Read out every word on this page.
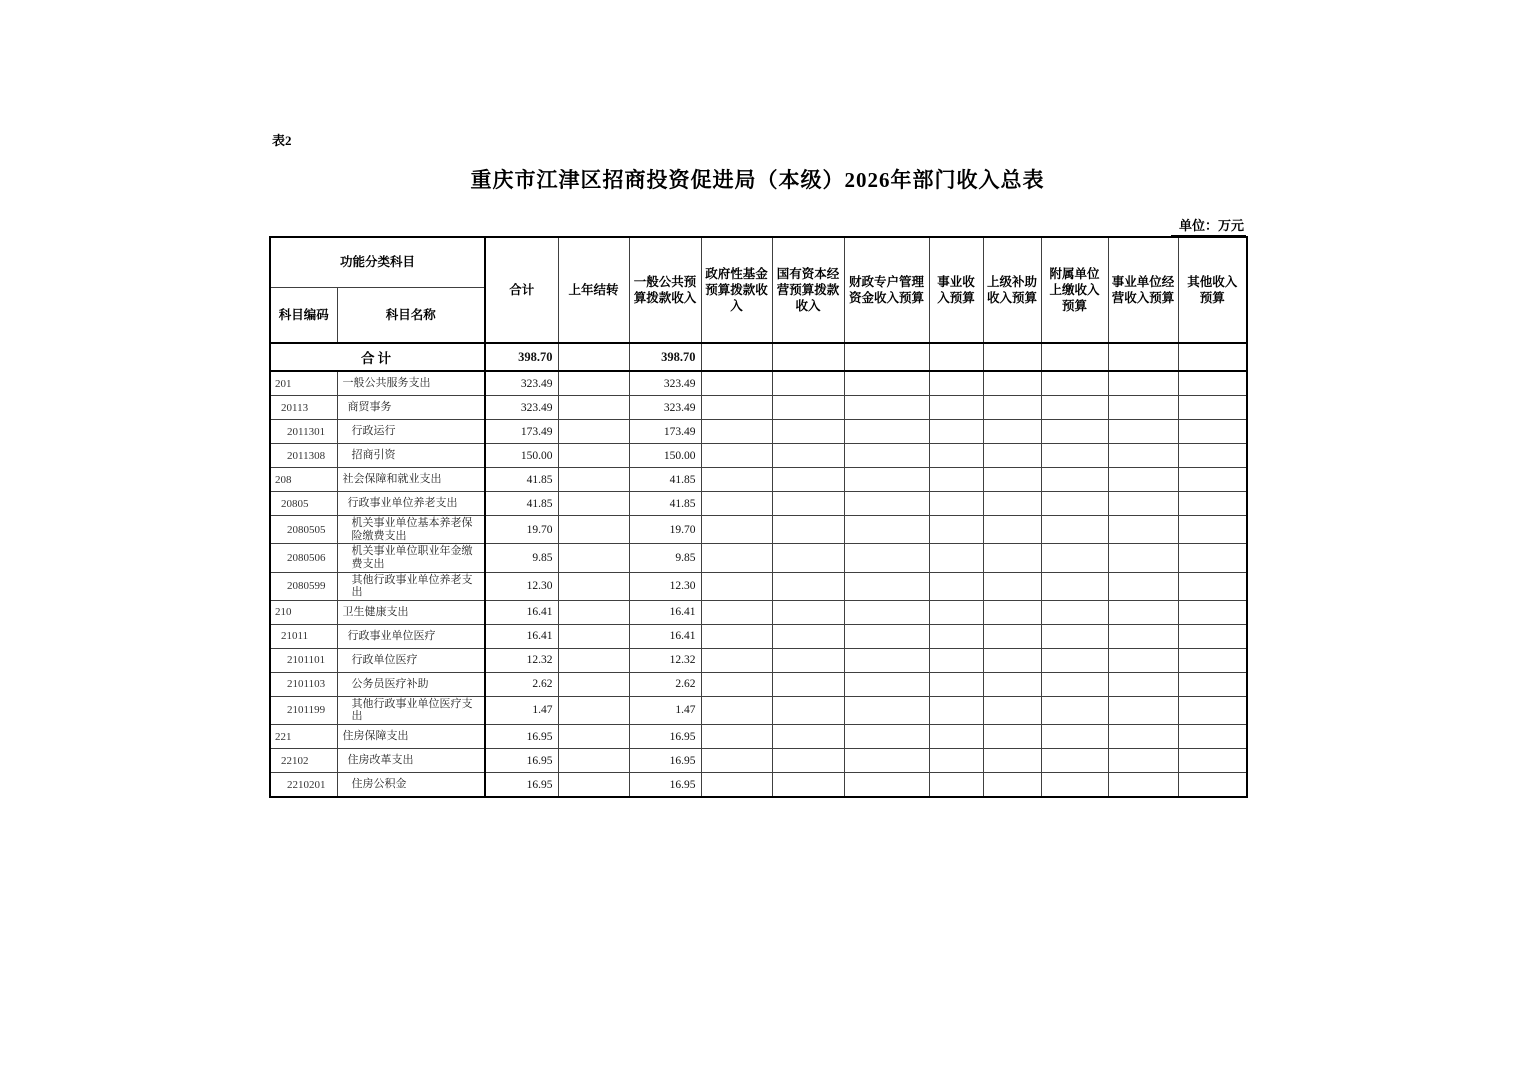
表2
重庆市江津区招商投资促进局（本级）2026年部门收入总表
单位：万元
功能分类科目		合计	上年结转	一般公共预算拨款收入	政府性基金预算拨款收入	国有资本经营预算拨款收入	财政专户管理资金收入预算	事业收入预算	上级补助收入预算	附属单位上缴收入预算	事业单位经营收入预算	其他收入预算
科目编码	科目名称											
合计		398.70		398.70								
201	一般公共服务支出	323.49		323.49								
20113	商贸事务	323.49		323.49								
2011301	行政运行	173.49		173.49								
2011308	招商引资	150.00		150.00								
208	社会保障和就业支出	41.85		41.85								
20805	行政事业单位养老支出	41.85		41.85								
2080505	机关事业单位基本养老保险缴费支出	19.70		19.70								
2080506	机关事业单位职业年金缴费支出	9.85		9.85								
2080599	其他行政事业单位养老支出	12.30		12.30								
210	卫生健康支出	16.41		16.41								
21011	行政事业单位医疗	16.41		16.41								
2101101	行政单位医疗	12.32		12.32								
2101103	公务员医疗补助	2.62		2.62								
2101199	其他行政事业单位医疗支出	1.47		1.47								
221	住房保障支出	16.95		16.95								
22102	住房改革支出	16.95		16.95								
2210201	住房公积金	16.95		16.95								
